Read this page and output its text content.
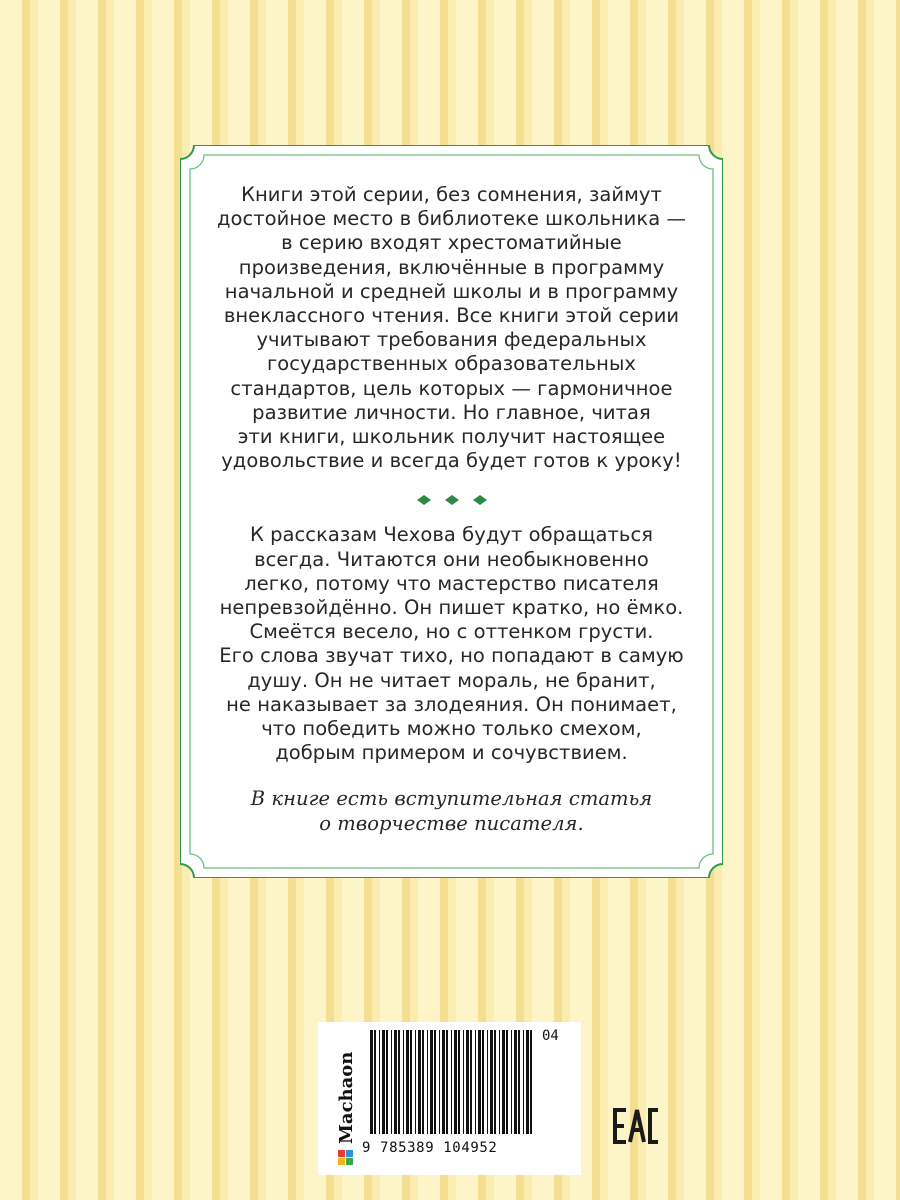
Книги этой серии, без сомнения, займут
достойное место в библиотеке школьника —
в серию входят хрестоматийные
произведения, включённые в программу
начальной и средней школы и в программу
внеклассного чтения. Все книги этой серии
учитывают требования федеральных
государственных образовательных
стандартов, цель которых — гармоничное
развитие личности. Но главное, читая
эти книги, школьник получит настоящее
удовольствие и всегда будет готов к уроку!

К рассказам Чехова будут обращаться
всегда. Читаются они необыкновенно
легко, потому что мастерство писателя
непревзойдённо. Он пишет кратко, но ёмко.
Смеётся весело, но с оттенком грусти.
Его слова звучат тихо, но попадают в самую
душу. Он не читает мораль, не бранит,
не наказывает за злодеяния. Он понимает,
что победить можно только смехом,
добрым примером и сочувствием.

В книге есть вступительная статья
о творчестве писателя.

Machaon
04
9 785389 104952
